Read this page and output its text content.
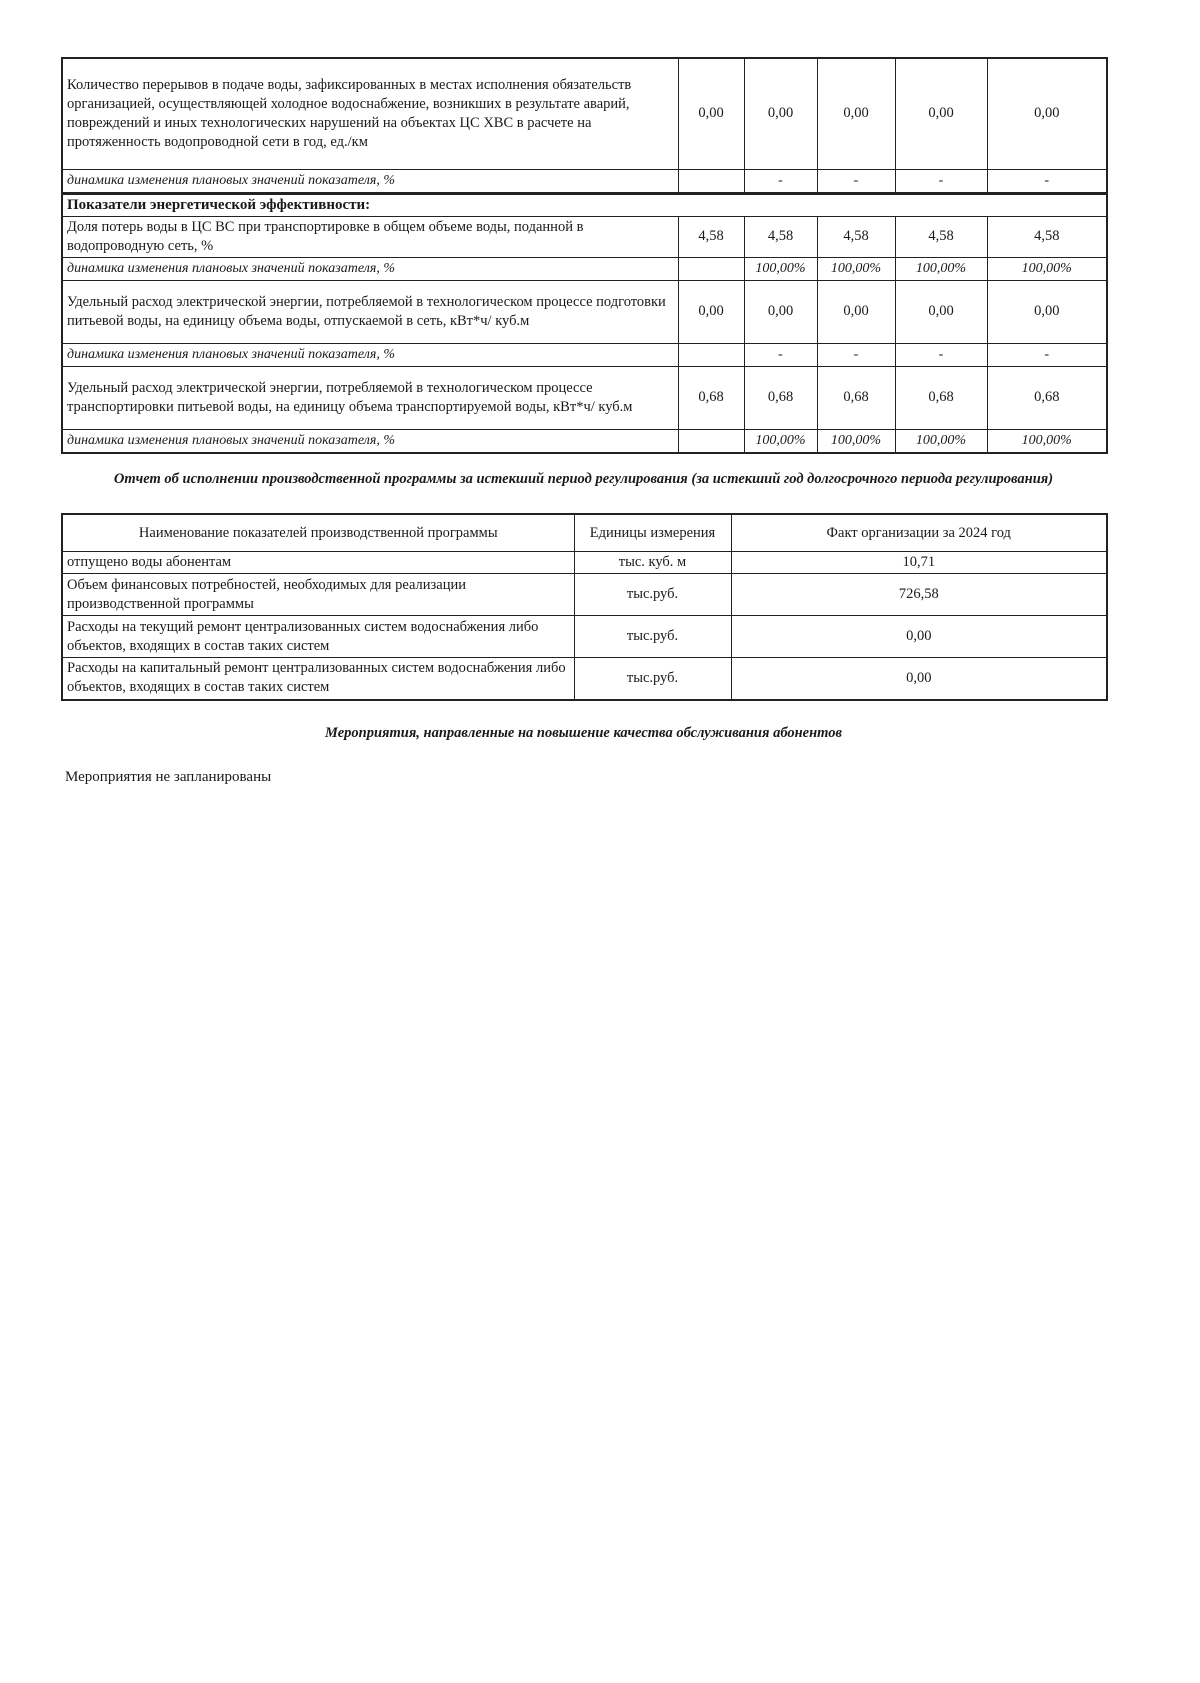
Количество перерывов в подаче воды, зафиксированных в местах исполнения обязательств организацией, осуществляющей холодное водоснабжение, возникших в результате аварий, повреждений и иных технологических нарушений на объектах ЦС ХВС в расчете на протяженность водопроводной сети в год, ед./км	0,00	0,00	0,00	0,00	0,00
динамика изменения плановых значений показателя, %		-	-	-	-
Показатели энергетической эффективности:					
Доля потерь воды в ЦС ВС при транспортировке в общем объеме воды, поданной в водопроводную сеть, %	4,58	4,58	4,58	4,58	4,58
динамика изменения плановых значений показателя, %		100,00%	100,00%	100,00%	100,00%
Удельный расход электрической энергии, потребляемой в технологическом процессе подготовки питьевой воды, на единицу объема воды, отпускаемой в сеть, кВт*ч/ куб.м	0,00	0,00	0,00	0,00	0,00
динамика изменения плановых значений показателя, %		-	-	-	-
Удельный расход электрической энергии, потребляемой в технологическом процессе транспортировки питьевой воды, на единицу объема транспортируемой воды, кВт*ч/ куб.м	0,68	0,68	0,68	0,68	0,68
динамика изменения плановых значений показателя, %		100,00%	100,00%	100,00%	100,00%
Отчет об исполнении производственной программы за истекший период регулирования (за истекший год долгосрочного периода регулирования)
Наименование показателей производственной программы	Единицы измерения	Факт организации за 2024 год
отпущено воды абонентам	тыс. куб. м	10,71
Объем финансовых потребностей, необходимых для реализации производственной программы	тыс.руб.	726,58
Расходы на текущий ремонт централизованных систем водоснабжения либо объектов, входящих в состав таких систем	тыс.руб.	0,00
Расходы на капитальный ремонт централизованных систем водоснабжения либо объектов, входящих в состав таких систем	тыс.руб.	0,00
Мероприятия, направленные на повышение качества обслуживания абонентов
Мероприятия не запланированы
